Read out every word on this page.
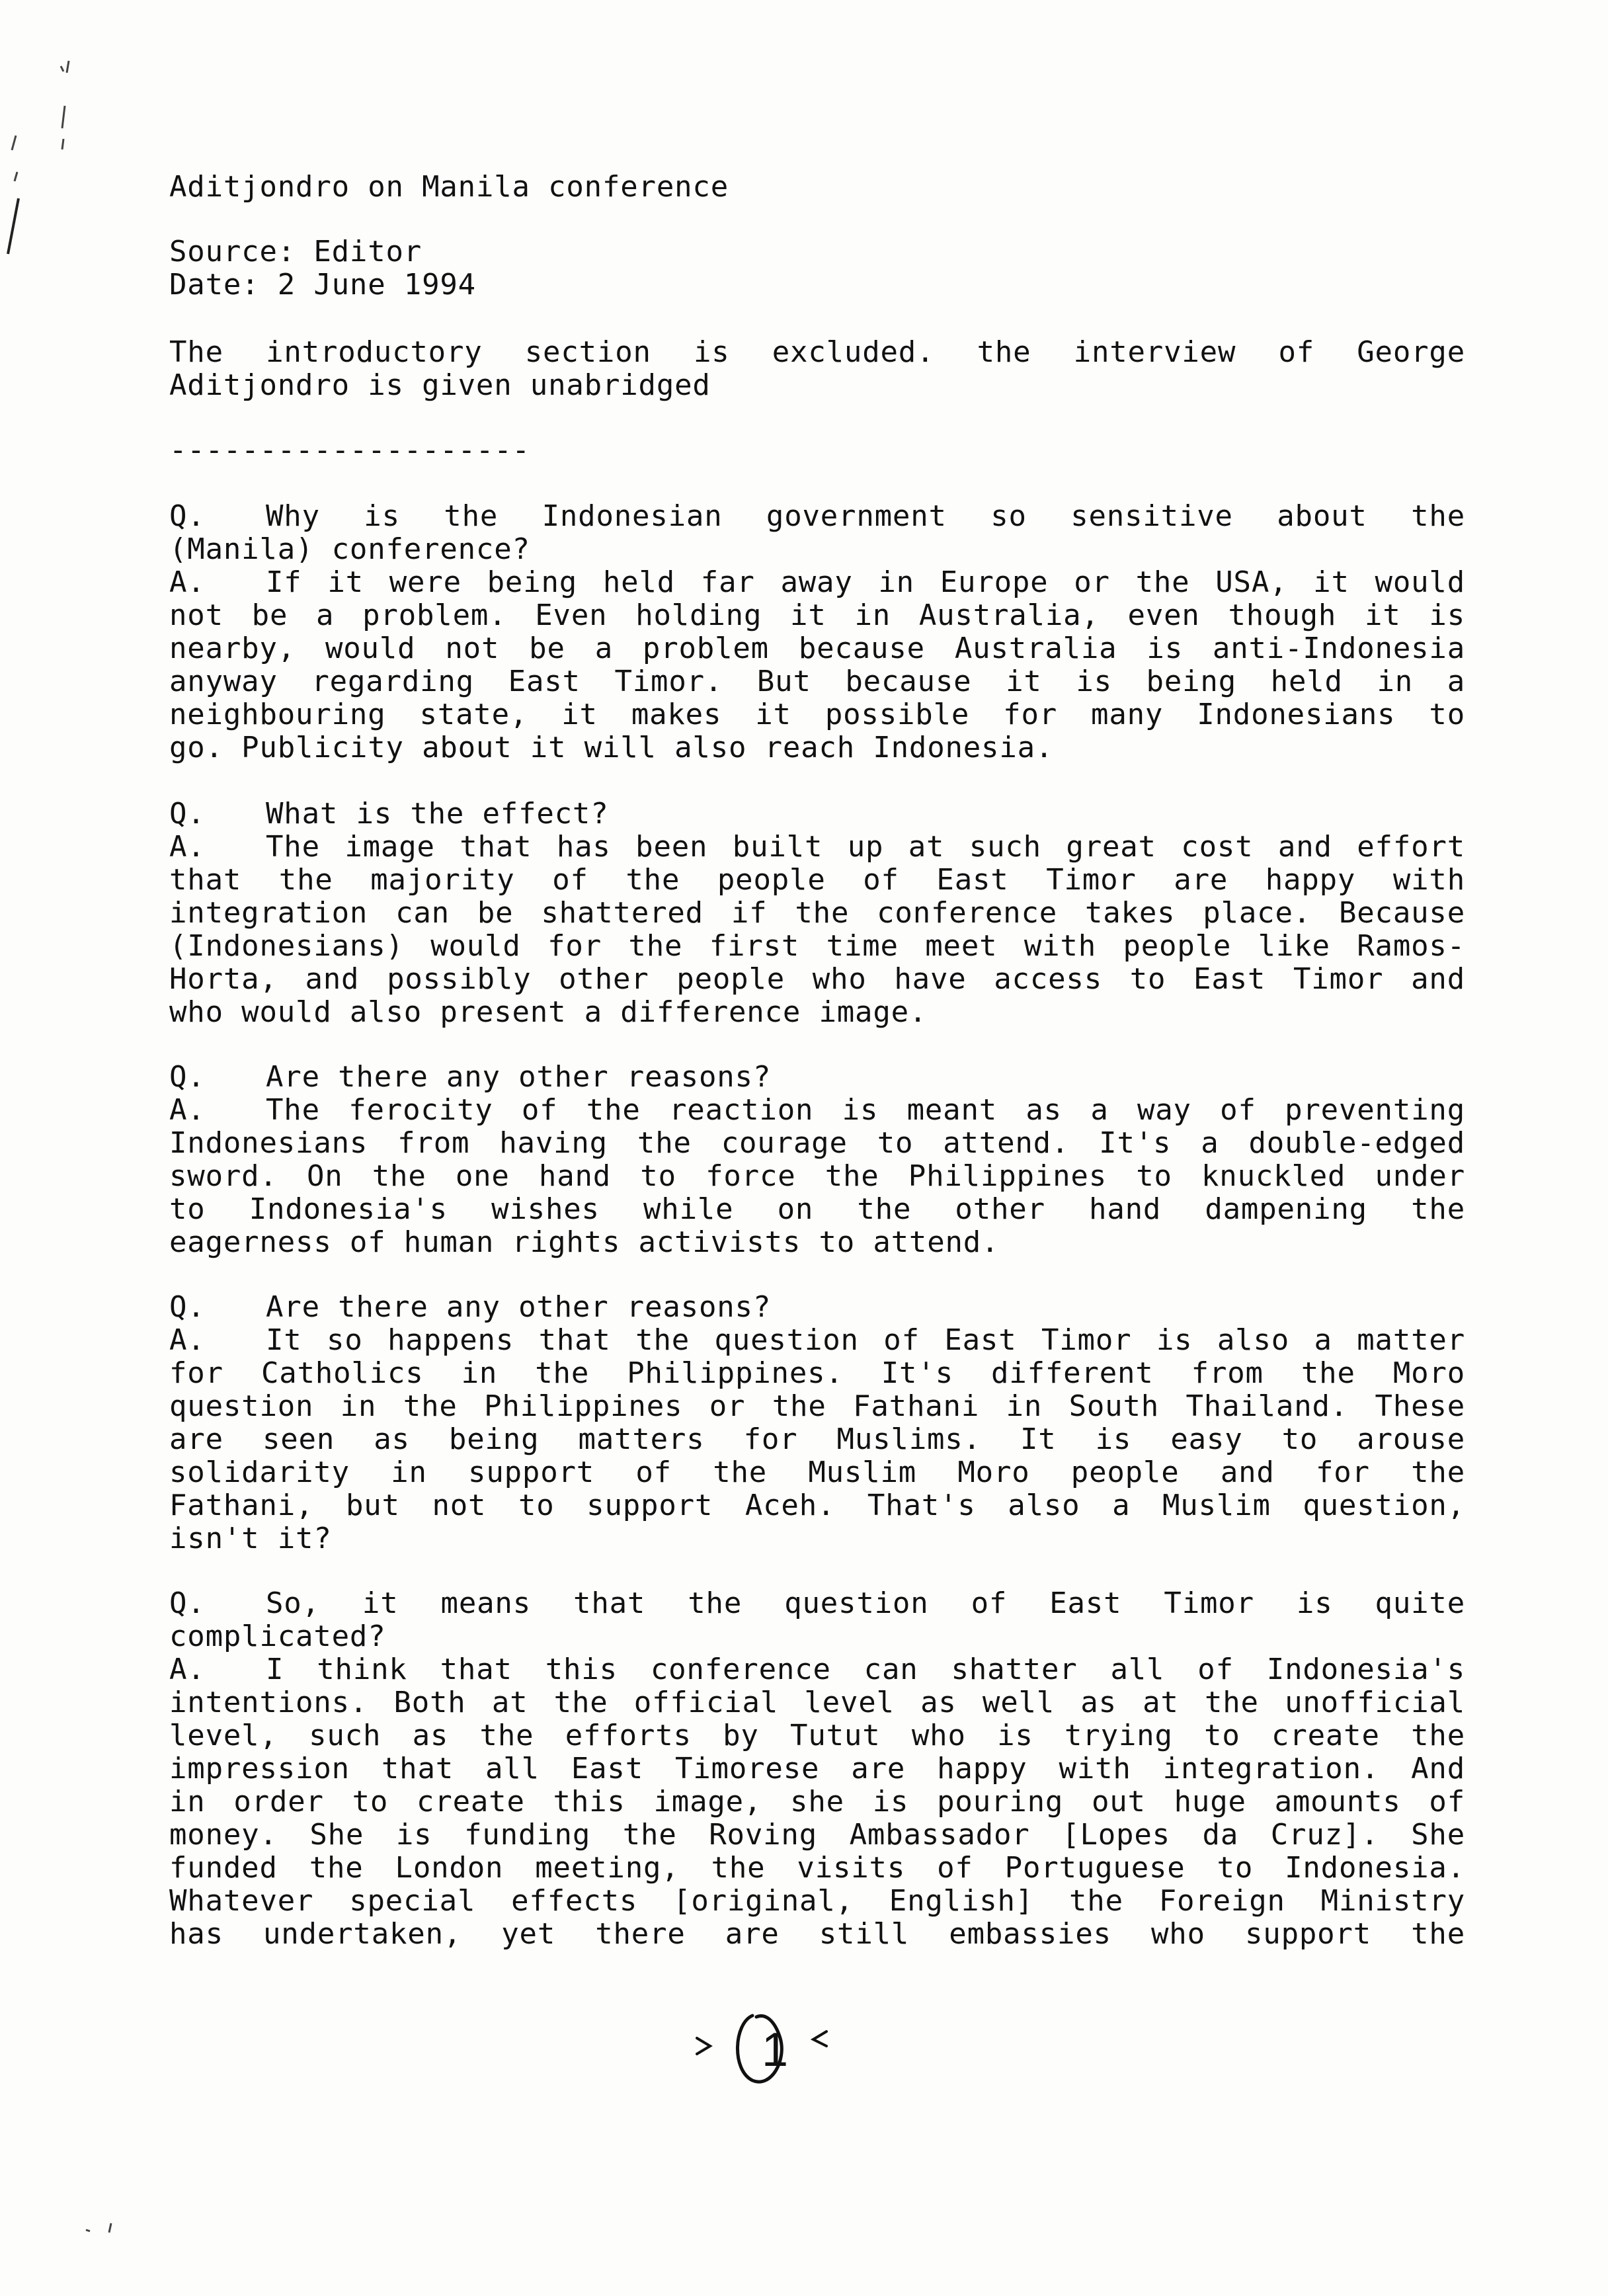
Aditjondro on Manila conference
Source: Editor
Date: 2 June 1994
The introductory section is excluded. the interview of George
Aditjondro is given unabridged
--------------------
Q.	Why is the Indonesian government so sensitive about the
(Manila) conference?
A.	If it were being held far away in Europe or the USA, it would
not be a problem. Even holding it in Australia, even though it is
nearby, would not be a problem because Australia is anti-Indonesia
anyway regarding East Timor. But because it is being held in a
neighbouring state, it makes it possible for many Indonesians to
go. Publicity about it will also reach Indonesia.
Q.	What is the effect?
A.	The image that has been built up at such great cost and effort
that the majority of the people of East Timor are happy with
integration can be shattered if the conference takes place. Because
(Indonesians) would for the first time meet with people like Ramos-
Horta, and possibly other people who have access to East Timor and
who would also present a difference image.
Q.	Are there any other reasons?
A.	The ferocity of the reaction is meant as a way of preventing
Indonesians from having the courage to attend. It's a double-edged
sword. On the one hand to force the Philippines to knuckled under
to Indonesia's wishes while on the other hand dampening the
eagerness of human rights activists to attend.
Q.	Are there any other reasons?
A.	It so happens that the question of East Timor is also a matter
for Catholics in the Philippines. It's different from the Moro
question in the Philippines or the Fathani in South Thailand. These
are seen as being matters for Muslims. It is easy to arouse
solidarity in support of the Muslim Moro people and for the
Fathani, but not to support Aceh. That's also a Muslim question,
isn't it?
Q.	So, it means that the question of East Timor is quite
complicated?
A.	I think that this conference can shatter all of Indonesia's
intentions. Both at the official level as well as at the unofficial
level, such as the efforts by Tutut who is trying to create the
impression that all East Timorese are happy with integration. And
in order to create this image, she is pouring out huge amounts of
money. She is funding the Roving Ambassador [Lopes da Cruz]. She
funded the London meeting, the visits of Portuguese to Indonesia.
Whatever special effects [original, English] the Foreign Ministry
has undertaken, yet there are still embassies who support the
1
